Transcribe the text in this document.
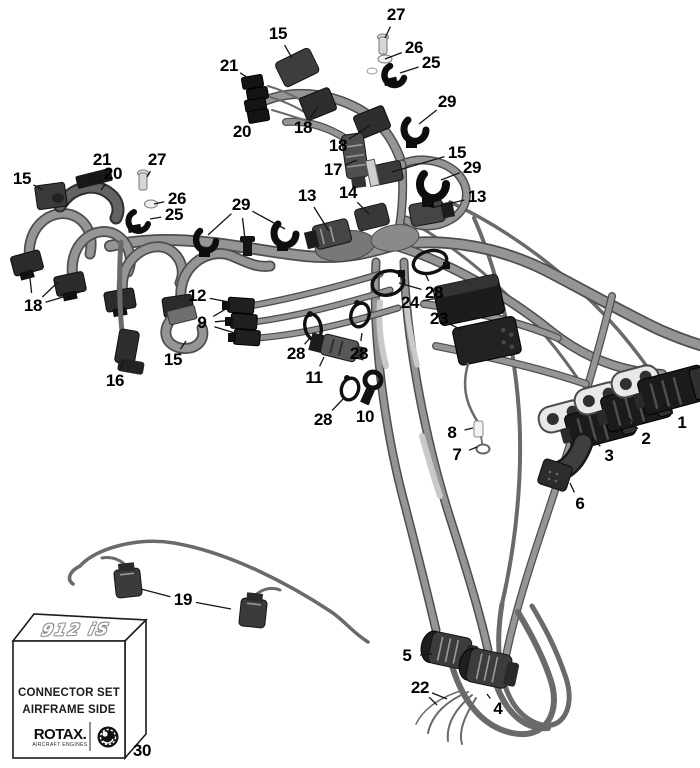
27
15
26
25
21
29
18
20
15
18
21 27	15
17	29
20
13 14	13
26	29
25
12	28
24
18
23
9
28	28
15
11
16
10
28	1
8	2
7	3
6
19
5
22
4
30
912 iS
CONNECTOR SET
AIRFRAME SIDE
ROTAX.
AIRCRAFT ENGINES
